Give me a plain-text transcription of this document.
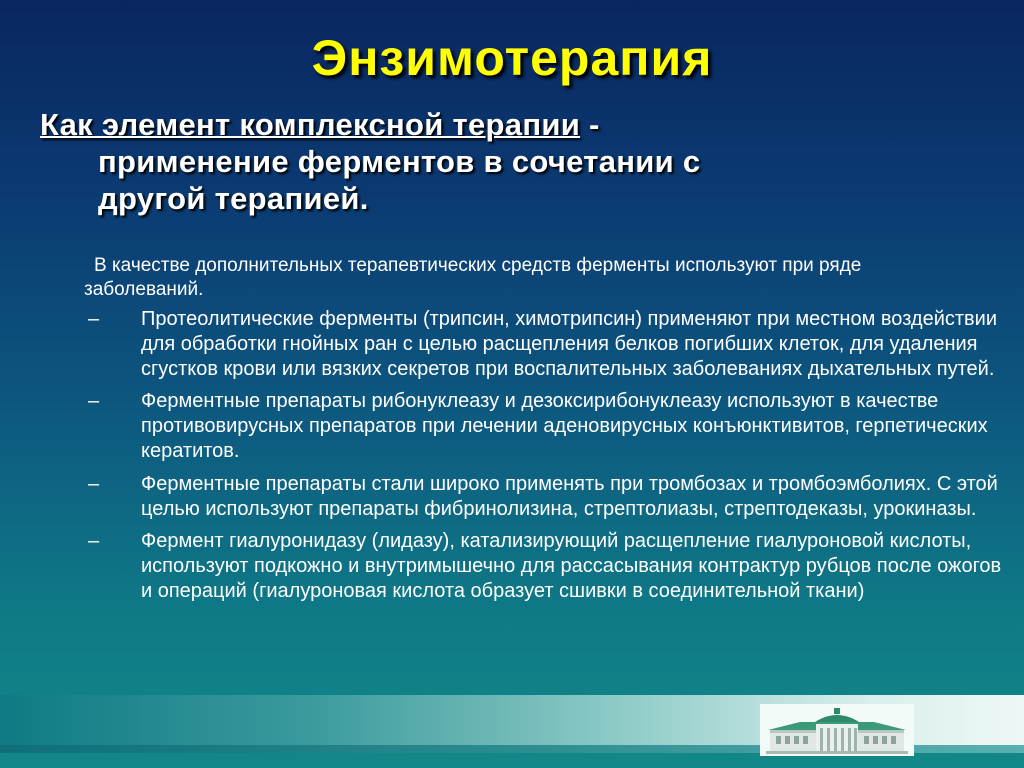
Энзимотерапия
Как элемент комплексной терапии -
применение ферментов в сочетании с
другой терапией.
В качестве дополнительных терапевтических средств ферменты используют при ряде заболеваний.
– Протеолитические ферменты (трипсин, химотрипсин) применяют при местном воздействии для обработки гнойных ран с целью расщепления белков погибших клеток, для удаления сгустков крови или вязких секретов при воспалительных заболеваниях дыхательных путей.
– Ферментные препараты рибонуклеазу и дезоксирибонуклеазу используют в качестве противовирусных препаратов при лечении аденовирусных конъюнктивитов, герпетических кератитов.
– Ферментные препараты стали широко применять при тромбозах и тромбоэмболиях. С этой целью используют препараты фибринолизина, стрептолиазы, стрептодеказы, урокиназы.
– Фермент гиалуронидазу (лидазу), катализирующий расщепление гиалуроновой кислоты, используют подкожно и внутримышечно для рассасывания контрактур рубцов после ожогов и операций (гиалуроновая кислота образует сшивки в соединительной ткани)
